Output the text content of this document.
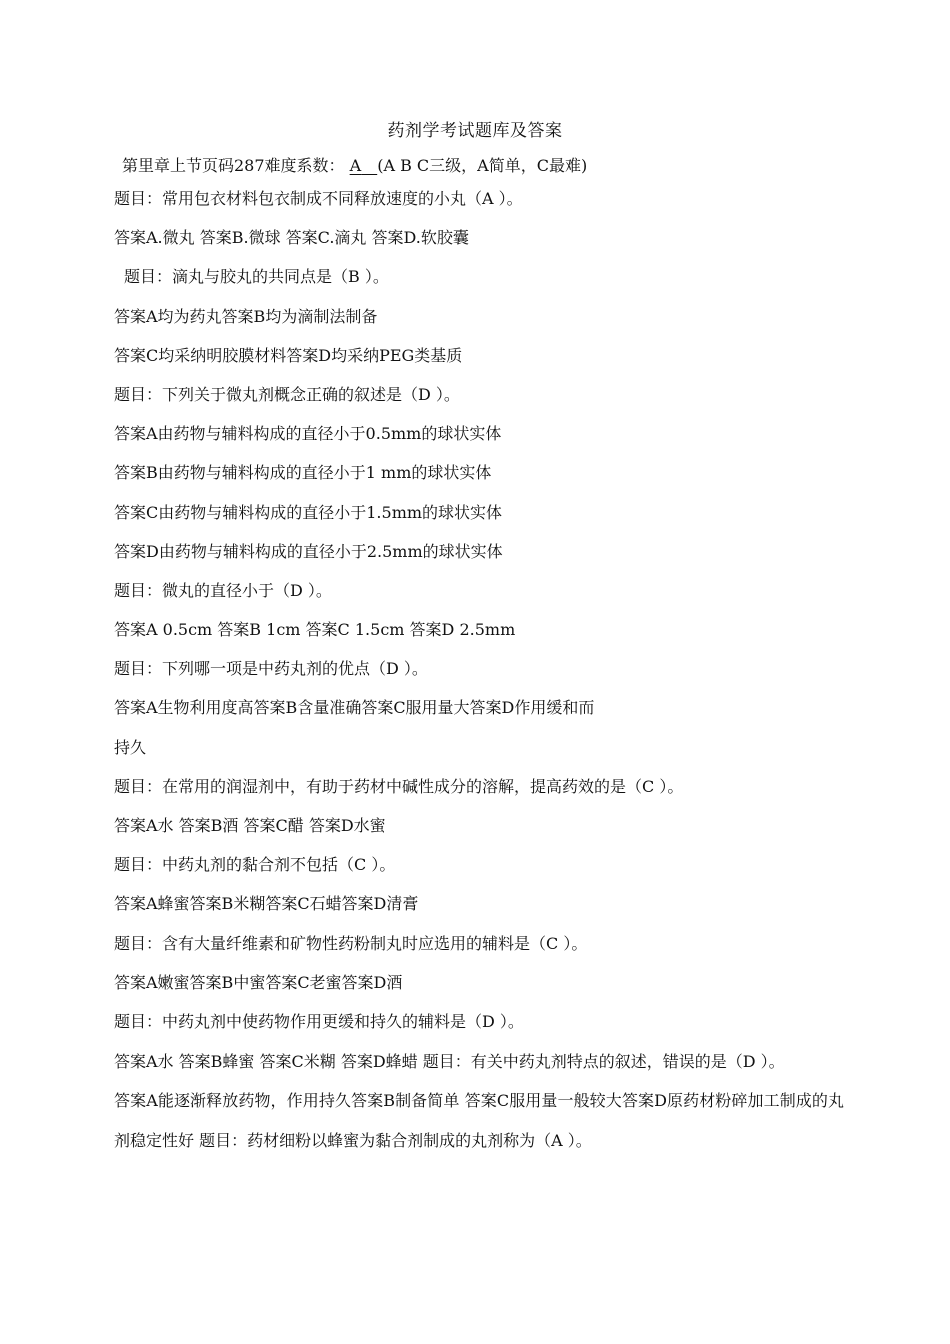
药剂学考试题库及答案
第里章上节页码287难度系数： A (A B C三级，A简单，C最难)
题目：常用包衣材料包衣制成不同释放速度的小丸（A ）。
答案A.微丸 答案B.微球 答案C.滴丸 答案D.软胶囊
题目：滴丸与胶丸的共同点是（B ）。
答案A均为药丸答案B均为滴制法制备
答案C均采纳明胶膜材料答案D均采纳PEG类基质
题目：下列关于微丸剂概念正确的叙述是（D ）。
答案A由药物与辅料构成的直径小于0.5mm的球状实体
答案B由药物与辅料构成的直径小于1 mm的球状实体
答案C由药物与辅料构成的直径小于1.5mm的球状实体
答案D由药物与辅料构成的直径小于2.5mm的球状实体
题目：微丸的直径小于（D ）。
答案A 0.5cm 答案B 1cm 答案C 1.5cm 答案D 2.5mm
题目：下列哪一项是中药丸剂的优点（D ）。
答案A生物利用度高答案B含量准确答案C服用量大答案D作用缓和而
持久
题目：在常用的润湿剂中，有助于药材中碱性成分的溶解，提高药效的是（C ）。
答案A水 答案B酒 答案C醋 答案D水蜜
题目：中药丸剂的黏合剂不包括（C ）。
答案A蜂蜜答案B米糊答案C石蜡答案D清膏
题目：含有大量纤维素和矿物性药粉制丸时应选用的辅料是（C ）。
答案A嫩蜜答案B中蜜答案C老蜜答案D酒
题目：中药丸剂中使药物作用更缓和持久的辅料是（D ）。
答案A水 答案B蜂蜜 答案C米糊 答案D蜂蜡 题目：有关中药丸剂特点的叙述，错误的是（D ）。
答案A能逐渐释放药物，作用持久答案B制备简单 答案C服用量一般较大答案D原药材粉碎加工制成的丸剂稳定性好 题目：药材细粉以蜂蜜为黏合剂制成的丸剂称为（A ）。
